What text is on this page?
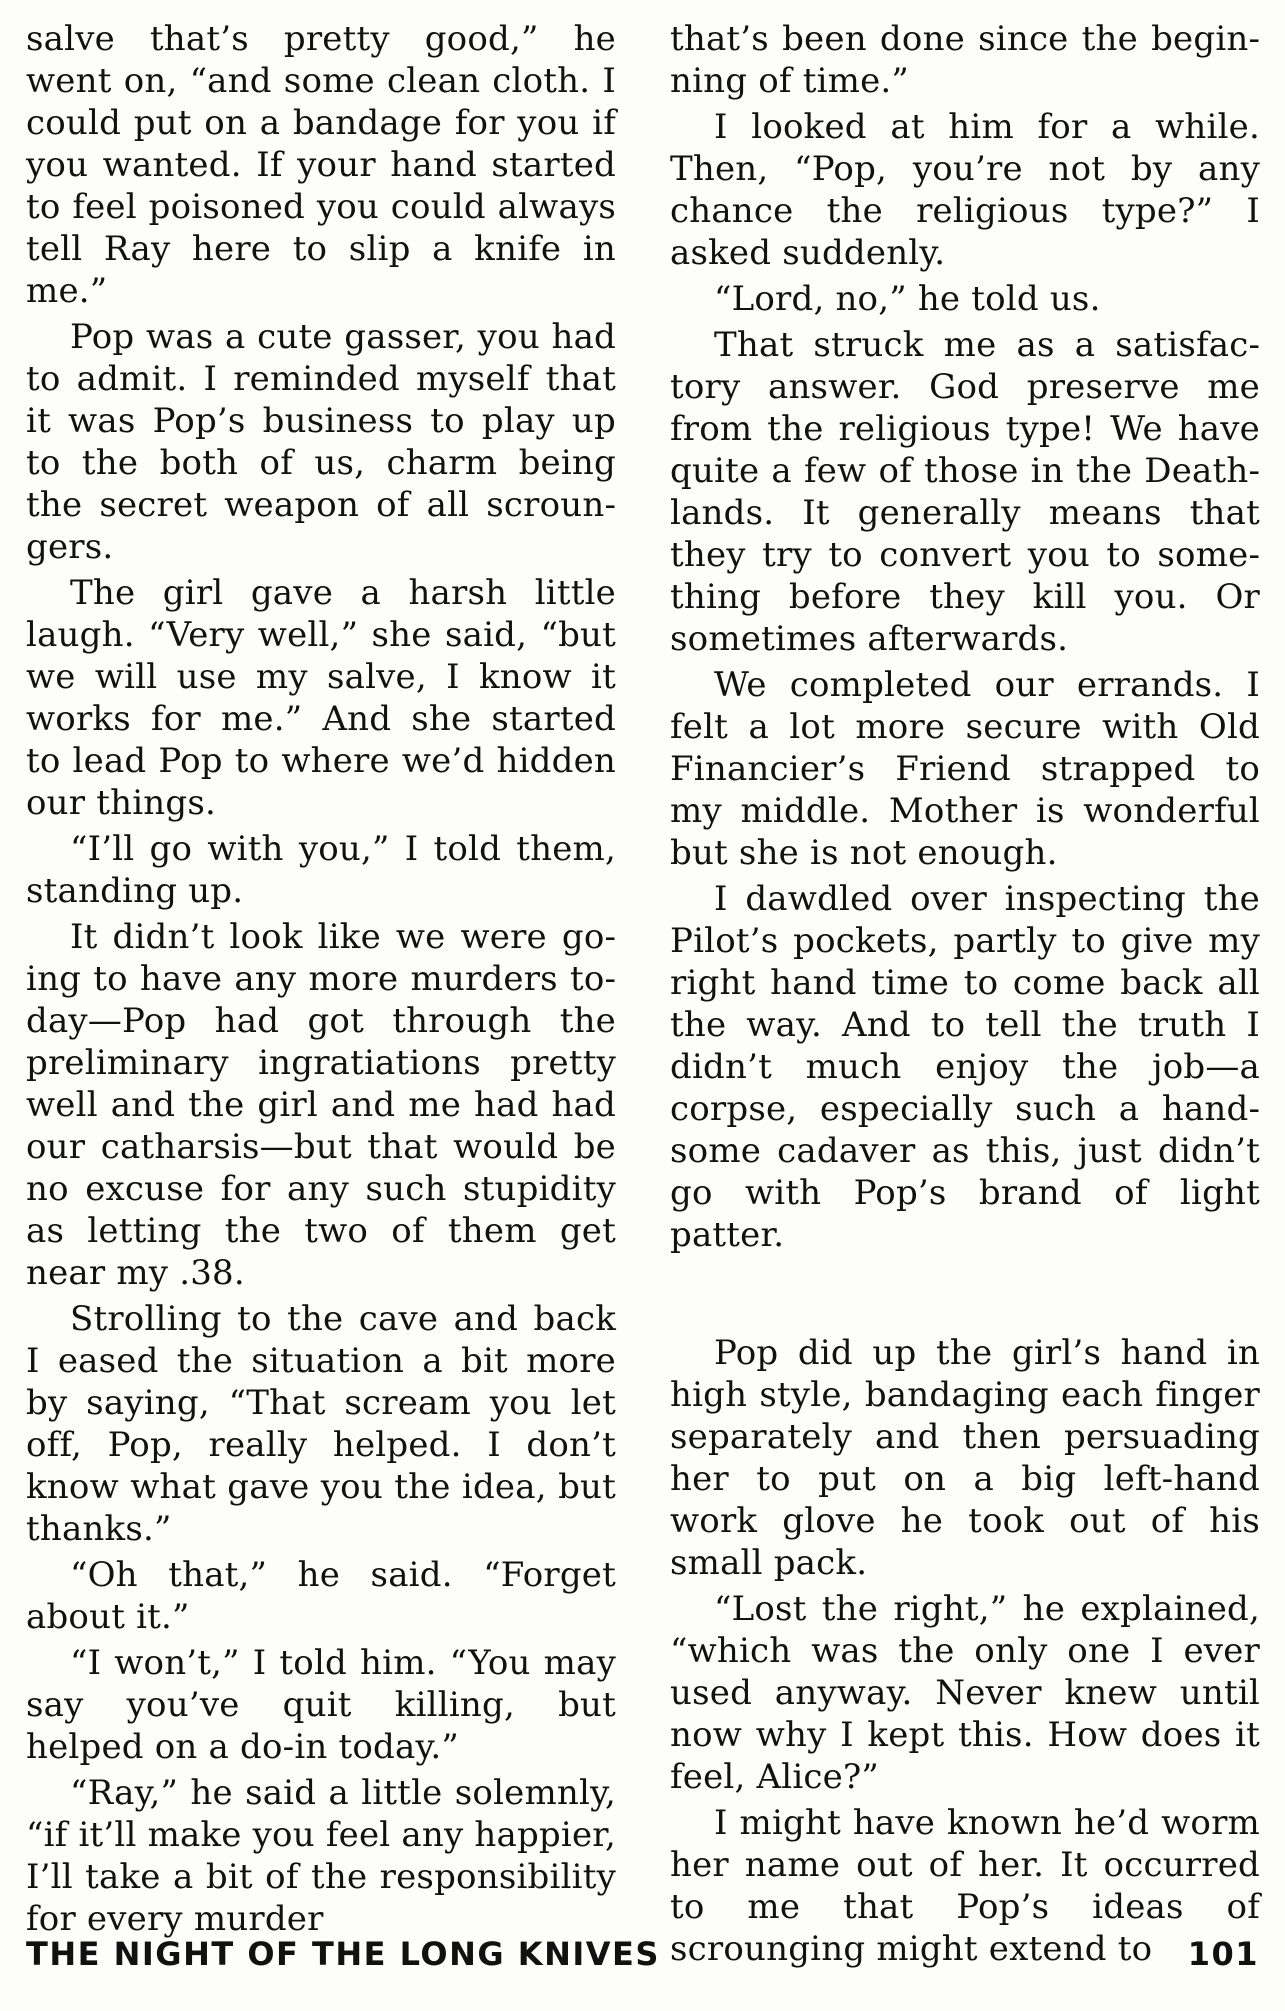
salve that’s pretty good,” he went on, “and some clean cloth. I could put on a bandage for you if you wanted. If your hand started to feel poisoned you could always tell Ray here to slip a knife in me.”

Pop was a cute gasser, you had to admit. I reminded myself that it was Pop’s business to play up to the both of us, charm being the secret weapon of all scroungers.

The girl gave a harsh little laugh. “Very well,” she said, “but we will use my salve, I know it works for me.” And she started to lead Pop to where we’d hidden our things.

“I’ll go with you,” I told them, standing up.

It didn’t look like we were going to have any more murders today—Pop had got through the preliminary ingratiations pretty well and the girl and me had had our catharsis—but that would be no excuse for any such stupidity as letting the two of them get near my .38.

Strolling to the cave and back I eased the situation a bit more by saying, “That scream you let off, Pop, really helped. I don’t know what gave you the idea, but thanks.”

“Oh that,” he said. “Forget about it.”

“I won’t,” I told him. “You may say you’ve quit killing, but helped on a do-in today.”

“Ray,” he said a little solemnly, “if it’ll make you feel any happier, I’ll take a bit of the responsibility for every murder

that’s been done since the beginning of time.”

I looked at him for a while. Then, “Pop, you’re not by any chance the religious type?” I asked suddenly.

“Lord, no,” he told us.

That struck me as a satisfactory answer. God preserve me from the religious type! We have quite a few of those in the Deathlands. It generally means that they try to convert you to something before they kill you. Or sometimes afterwards.

We completed our errands. I felt a lot more secure with Old Financier’s Friend strapped to my middle. Mother is wonderful but she is not enough.

I dawdled over inspecting the Pilot’s pockets, partly to give my right hand time to come back all the way. And to tell the truth I didn’t much enjoy the job—a corpse, especially such a handsome cadaver as this, just didn’t go with Pop’s brand of light patter.

Pop did up the girl’s hand in high style, bandaging each finger separately and then persuading her to put on a big left-hand work glove he took out of his small pack.

“Lost the right,” he explained, “which was the only one I ever used anyway. Never knew until now why I kept this. How does it feel, Alice?”

I might have known he’d worm her name out of her. It occurred to me that Pop’s ideas of scrounging might extend to

THE NIGHT OF THE LONG KNIVES	101
